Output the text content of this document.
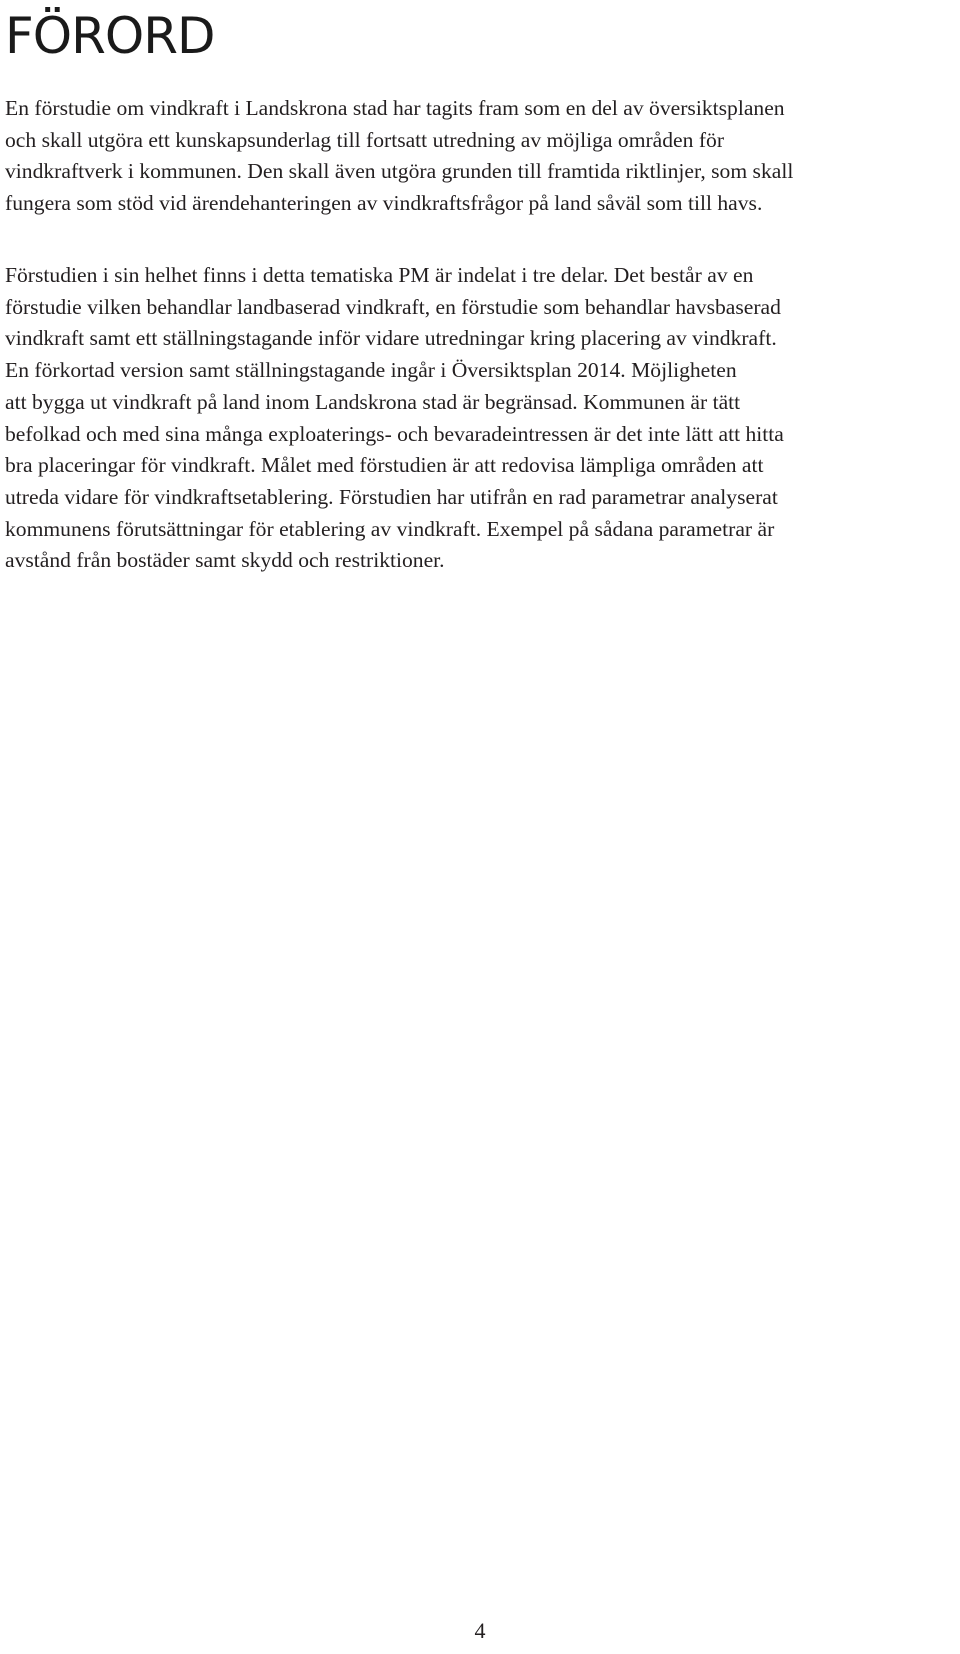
FÖRORD

En förstudie om vindkraft i Landskrona stad har tagits fram som en del av översiktsplanen
och skall utgöra ett kunskapsunderlag till fortsatt utredning av möjliga områden för
vindkraftverk i kommunen. Den skall även utgöra grunden till framtida riktlinjer, som skall
fungera som stöd vid ärendehanteringen av vindkraftsfrågor på land såväl som till havs.

Förstudien i sin helhet finns i detta tematiska PM är indelat i tre delar. Det består av en
förstudie vilken behandlar landbaserad vindkraft, en förstudie som behandlar havsbaserad
vindkraft samt ett ställningstagande inför vidare utredningar kring placering av vindkraft.
En förkortad version samt ställningstagande ingår i Översiktsplan 2014. Möjligheten
att bygga ut vindkraft på land inom Landskrona stad är begränsad. Kommunen är tätt
befolkad och med sina många exploaterings- och bevaradeintressen är det inte lätt att hitta
bra placeringar för vindkraft. Målet med förstudien är att redovisa lämpliga områden att
utreda vidare för vindkraftsetablering. Förstudien har utifrån en rad parametrar analyserat
kommunens förutsättningar för etablering av vindkraft. Exempel på sådana parametrar är
avstånd från bostäder samt skydd och restriktioner.

4
